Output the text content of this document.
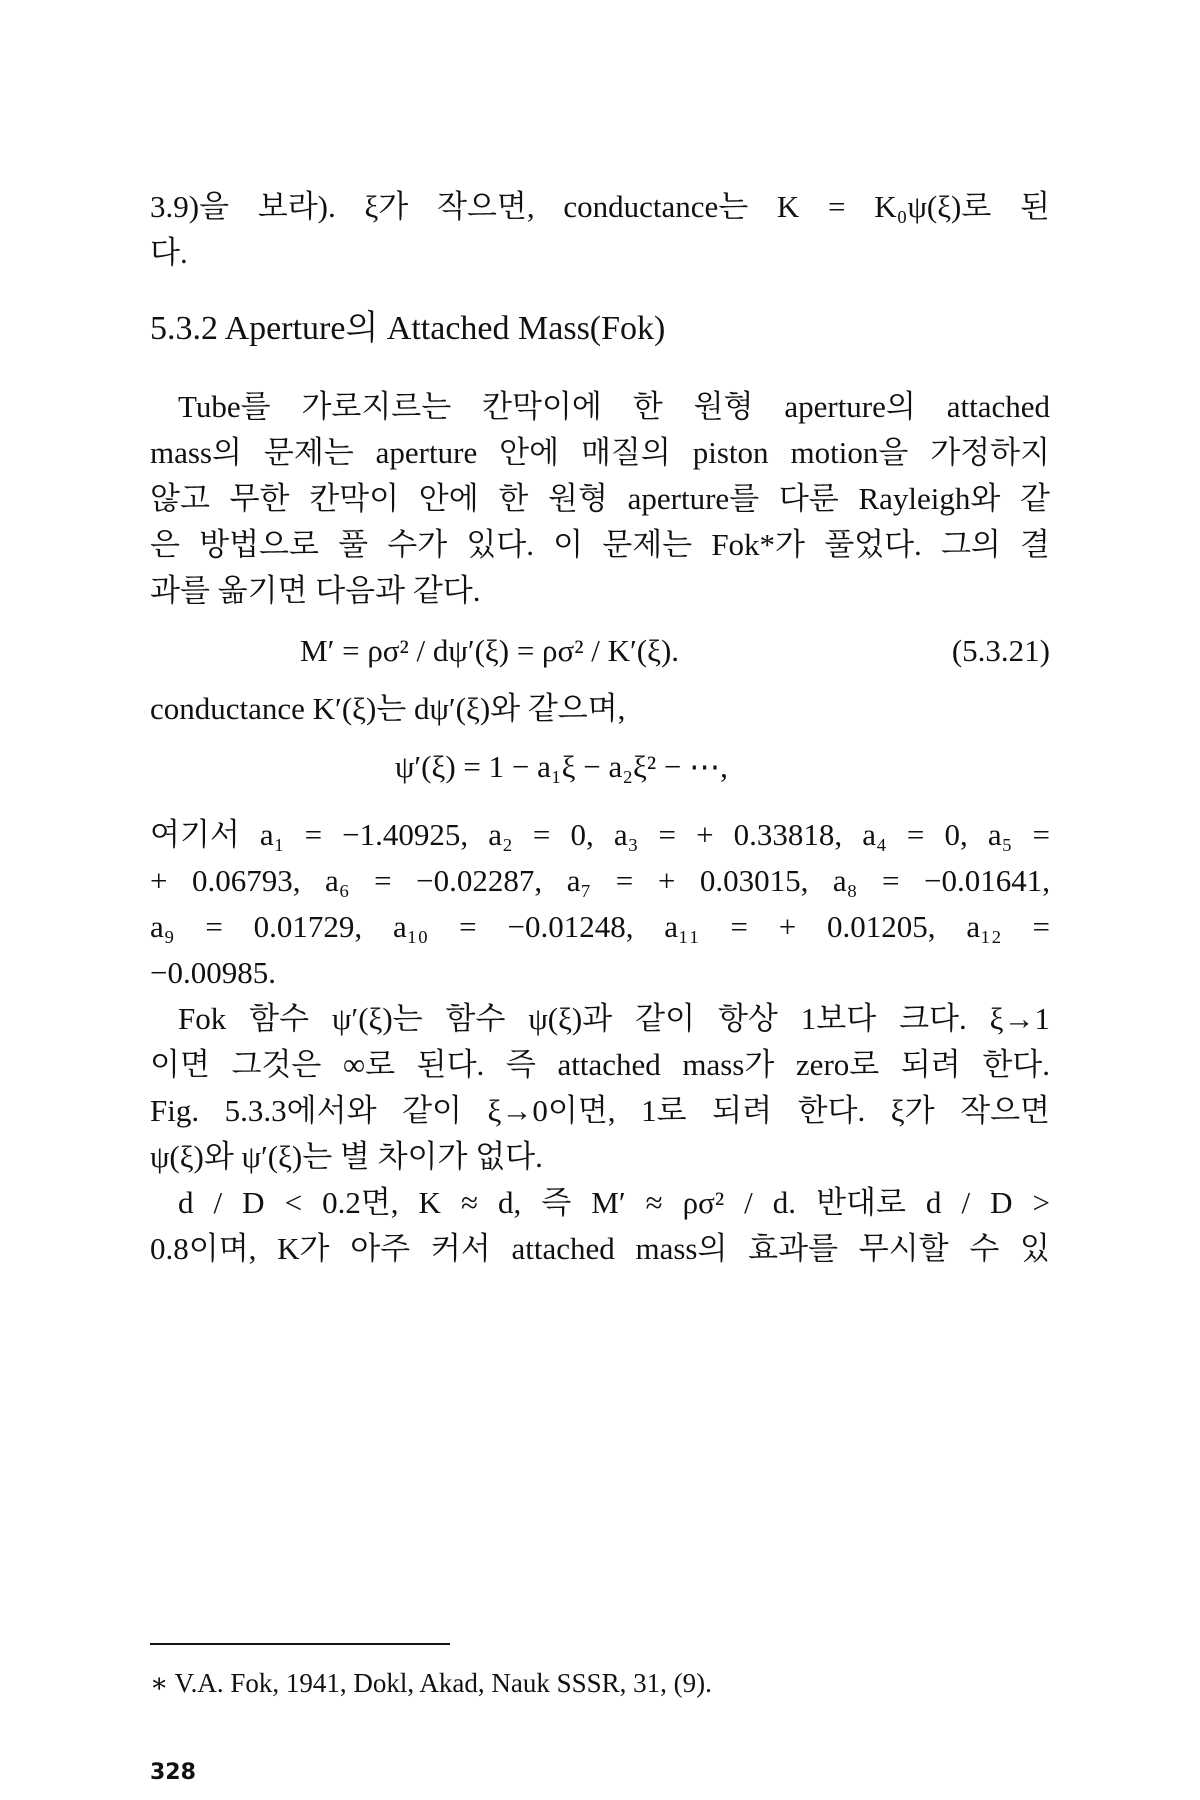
3.9)을 보라). ξ가 작으면, conductance는 K = K₀ψ(ξ)로 된
다.
5.3.2 Aperture의 Attached Mass(Fok)
Tube를 가로지르는 칸막이에 한 원형 aperture의 attached
mass의 문제는 aperture 안에 매질의 piston motion을 가정하지
않고 무한 칸막이 안에 한 원형 aperture를 다룬 Rayleigh와 같
은 방법으로 풀 수가 있다. 이 문제는 Fok*가 풀었다. 그의 결
과를 옮기면 다음과 같다.
M′ = ρσ² / dψ′(ξ) = ρσ² / K′(ξ).	(5.3.21)
conductance K′(ξ)는 dψ′(ξ)와 같으며,
ψ′(ξ) = 1 − a₁ξ − a₂ξ² − ⋯,
여기서 a₁ = −1.40925, a₂ = 0, a₃ = + 0.33818, a₄ = 0, a₅ =
+ 0.06793, a₆ = −0.02287, a₇ = + 0.03015, a₈ = −0.01641,
a₉ = 0.01729, a₁₀ = −0.01248, a₁₁ = + 0.01205, a₁₂ =
−0.00985.
Fok 함수 ψ′(ξ)는 함수 ψ(ξ)과 같이 항상 1보다 크다. ξ→1
이면 그것은 ∞로 된다. 즉 attached mass가 zero로 되려 한다.
Fig. 5.3.3에서와 같이 ξ→0이면, 1로 되려 한다. ξ가 작으면
ψ(ξ)와 ψ′(ξ)는 별 차이가 없다.
d / D < 0.2면, K ≈ d, 즉 M′ ≈ ρσ² / d. 반대로 d / D >
0.8이며, K가 아주 커서 attached mass의 효과를 무시할 수 있
∗ V.A. Fok, 1941, Dokl, Akad, Nauk SSSR, 31, (9).
328
